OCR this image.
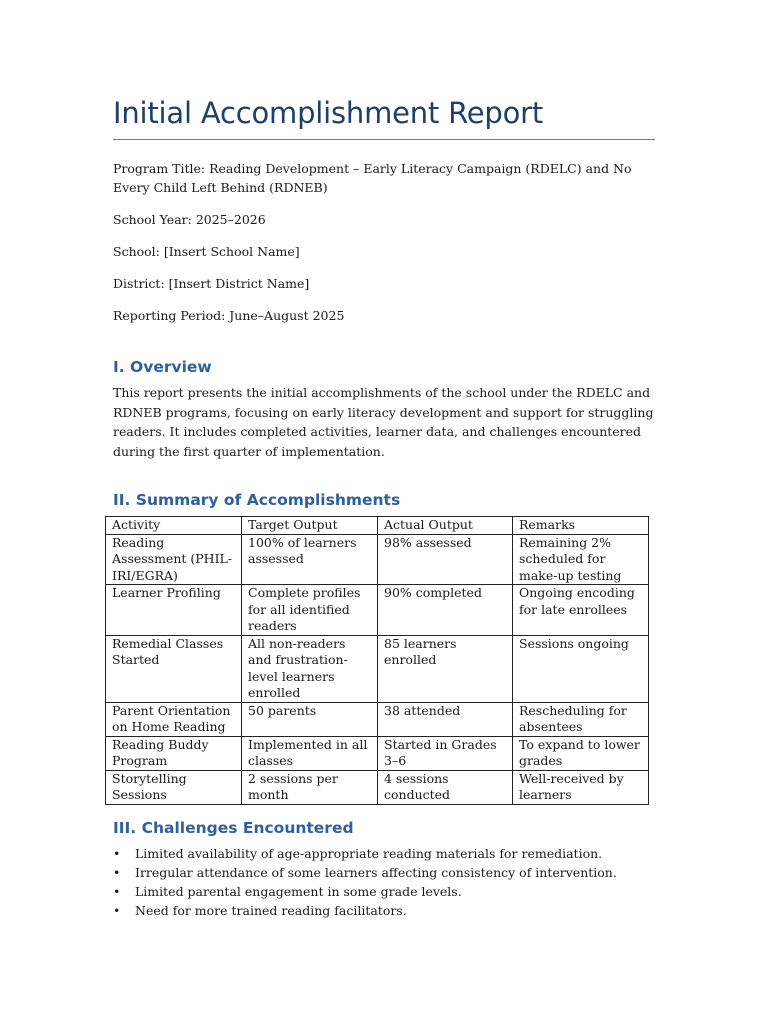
Initial Accomplishment Report
Program Title: Reading Development – Early Literacy Campaign (RDELC) and No Every Child Left Behind (RDNEB)
School Year: 2025–2026
School: [Insert School Name]
District: [Insert District Name]
Reporting Period: June–August 2025
I. Overview
This report presents the initial accomplishments of the school under the RDELC and RDNEB programs, focusing on early literacy development and support for struggling readers. It includes completed activities, learner data, and challenges encountered during the first quarter of implementation.
II. Summary of Accomplishments
Activity	Target Output	Actual Output	Remarks
Reading Assessment (PHIL-IRI/EGRA)	100% of learners assessed	98% assessed	Remaining 2% scheduled for make-up testing
Learner Profiling	Complete profiles for all identified readers	90% completed	Ongoing encoding for late enrollees
Remedial Classes Started	All non-readers and frustration-level learners enrolled	85 learners enrolled	Sessions ongoing
Parent Orientation on Home Reading	50 parents	38 attended	Rescheduling for absentees
Reading Buddy Program	Implemented in all classes	Started in Grades 3–6	To expand to lower grades
Storytelling Sessions	2 sessions per month	4 sessions conducted	Well-received by learners
III. Challenges Encountered
• Limited availability of age-appropriate reading materials for remediation.
• Irregular attendance of some learners affecting consistency of intervention.
• Limited parental engagement in some grade levels.
• Need for more trained reading facilitators.
